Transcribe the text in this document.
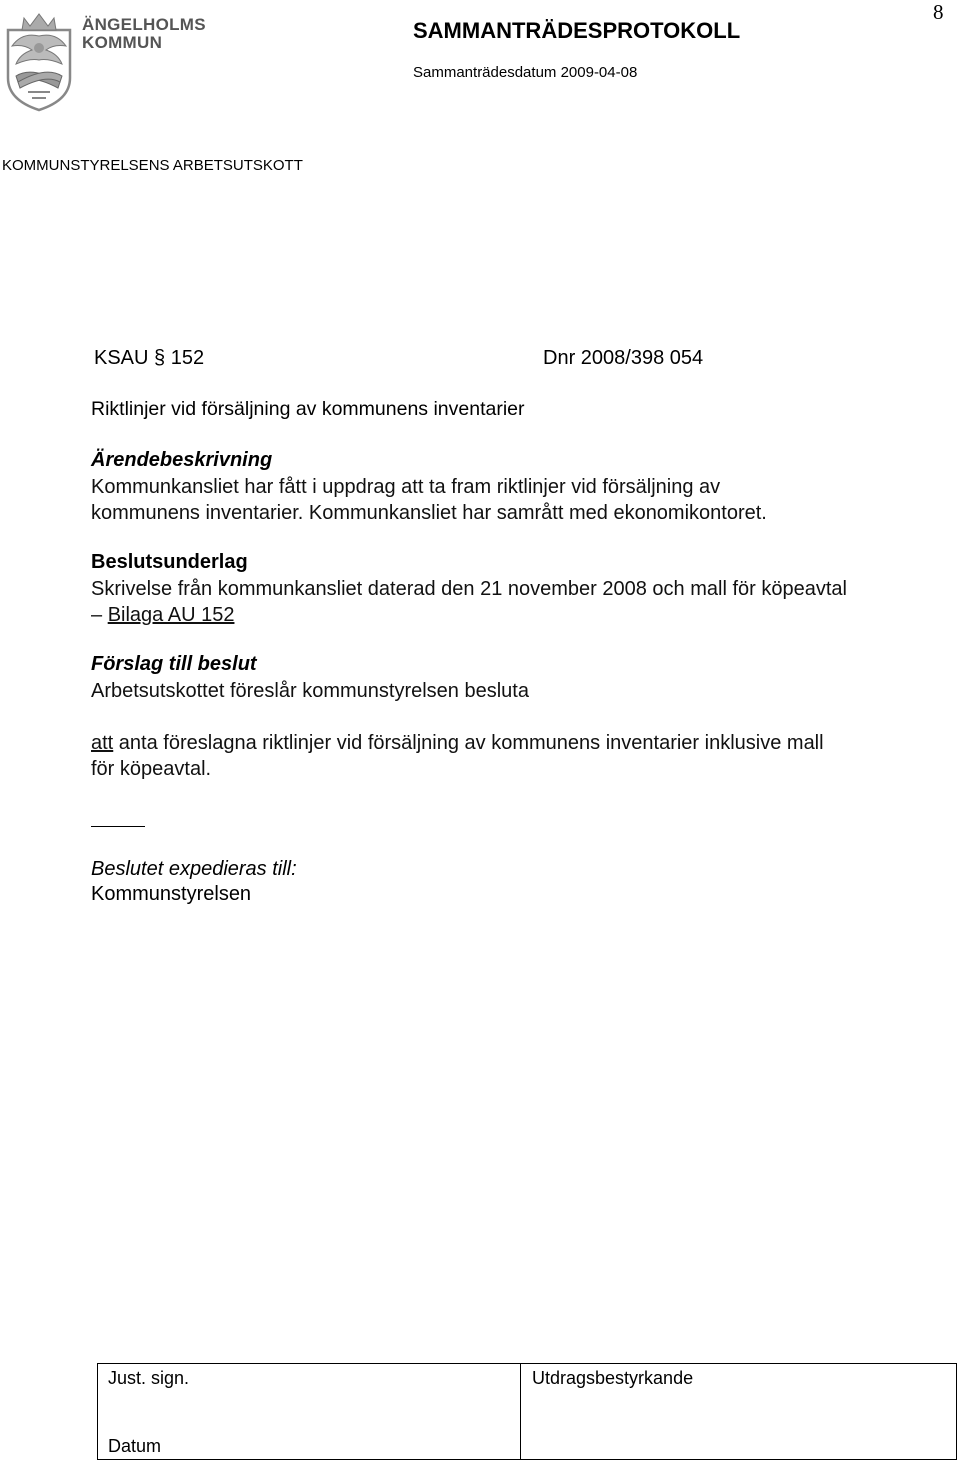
ÄNGELHOLMS
KOMMUN	SAMMANTRÄDESPROTOKOLL
Sammanträdesdatum 2009-04-08
8
KOMMUNSTYRELSENS ARBETSUTSKOTT
KSAU § 152	Dnr 2008/398 054
Riktlinjer vid försäljning av kommunens inventarier
Ärendebeskrivning
Kommunkansliet har fått i uppdrag att ta fram riktlinjer vid försäljning av
kommunens inventarier. Kommunkansliet har samrått med ekonomikontoret.
Beslutsunderlag
Skrivelse från kommunkansliet daterad den 21 november 2008 och mall för köpeavtal
– Bilaga AU 152
Förslag till beslut
Arbetsutskottet föreslår kommunstyrelsen besluta
att anta föreslagna riktlinjer vid försäljning av kommunens inventarier inklusive mall
för köpeavtal.
Beslutet expedieras till:
Kommunstyrelsen
Just. sign.
Datum
Utdragsbestyrkande
